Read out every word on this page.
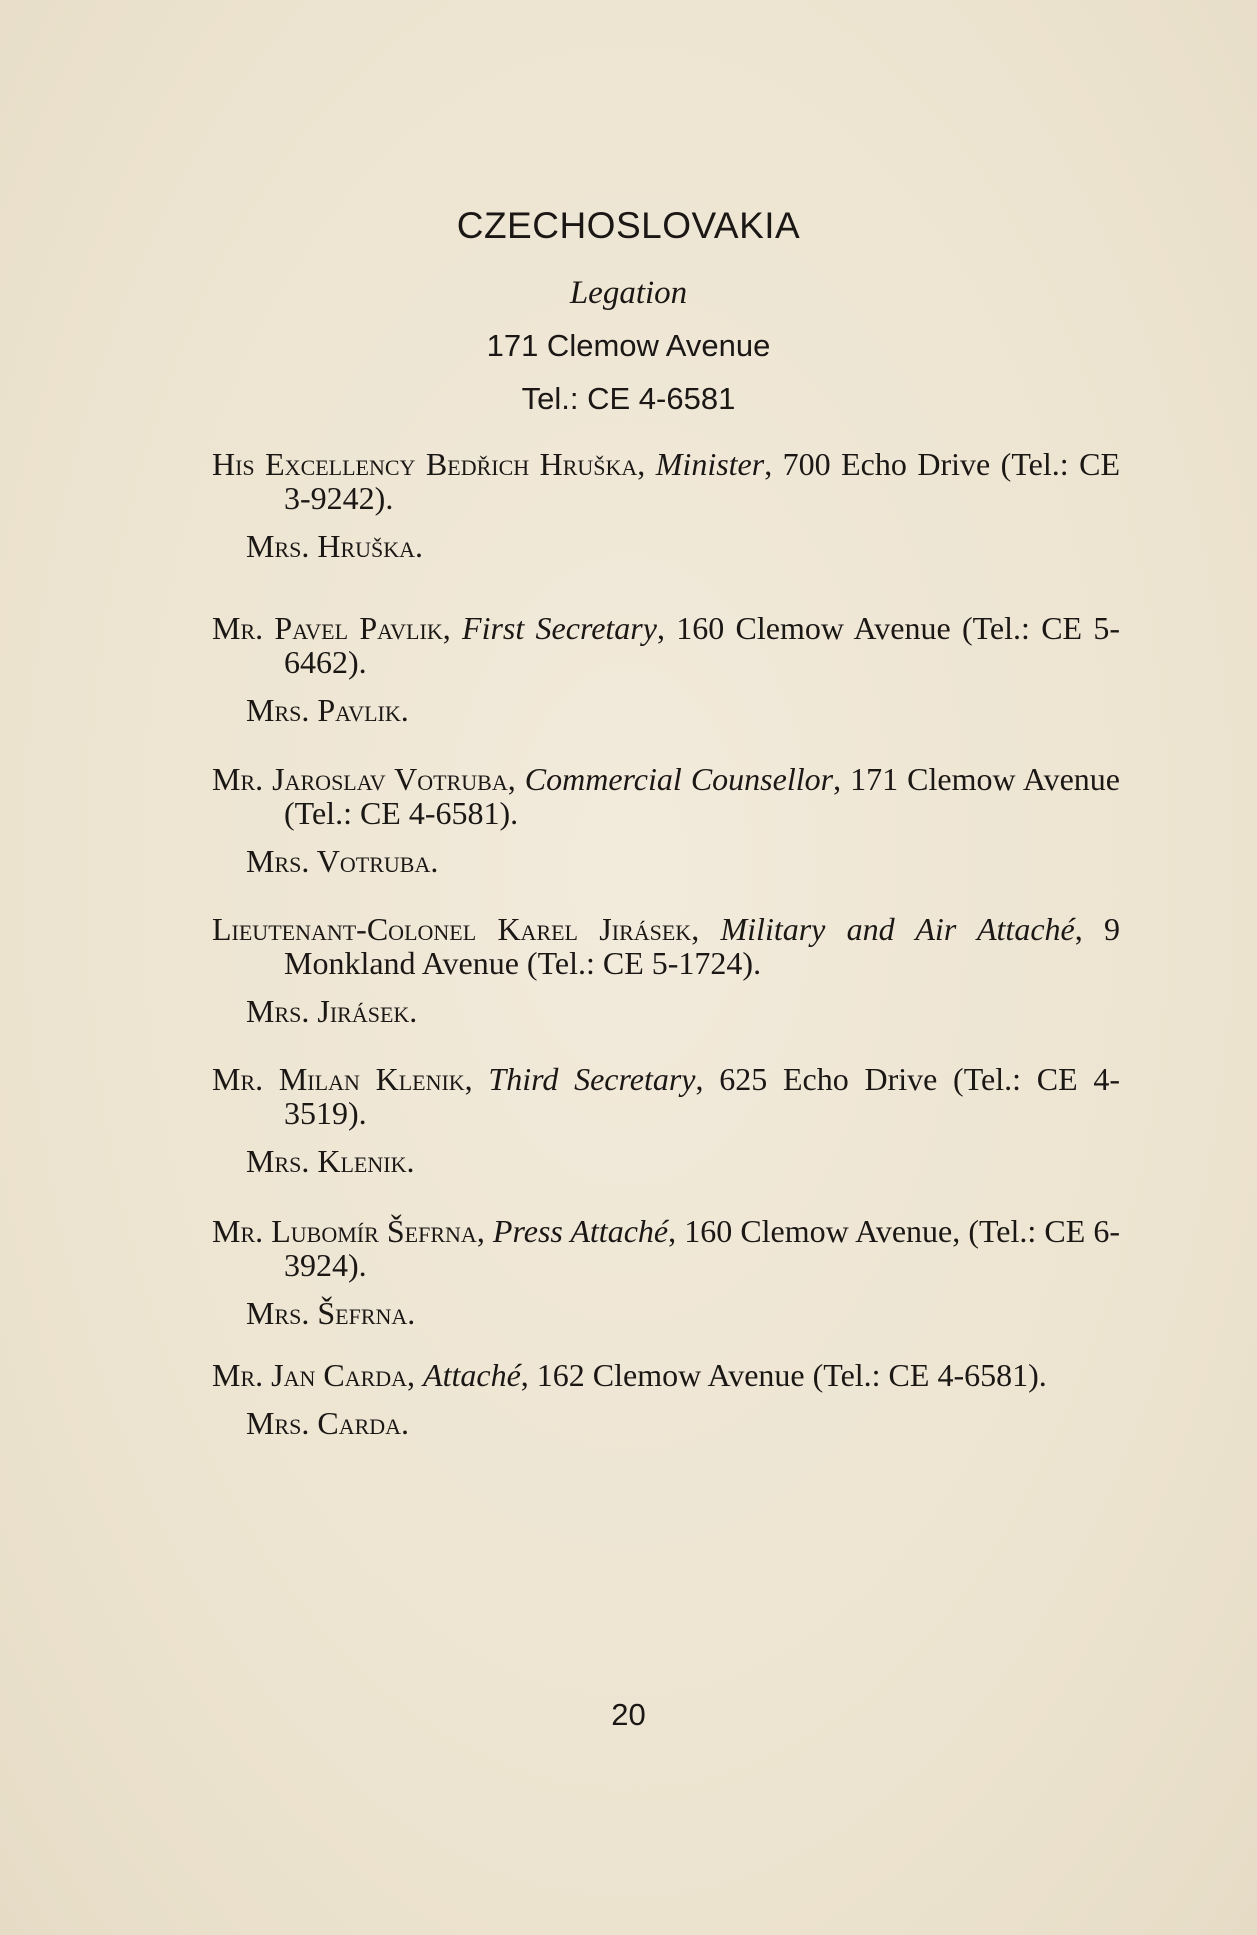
CZECHOSLOVAKIA
Legation
171 Clemow Avenue
Tel.: CE 4-6581
His Excellency Bedřich Hruška, Minister, 700 Echo Drive (Tel.: CE 3-9242).
Mrs. Hruška.
Mr. Pavel Pavlik, First Secretary, 160 Clemow Avenue (Tel.: CE 5-6462).
Mrs. Pavlik.
Mr. Jaroslav Votruba, Commercial Counsellor, 171 Clemow Avenue (Tel.: CE 4-6581).
Mrs. Votruba.
Lieutenant-Colonel Karel Jirásek, Military and Air Attaché, 9 Monkland Avenue (Tel.: CE 5-1724).
Mrs. Jirásek.
Mr. Milan Klenik, Third Secretary, 625 Echo Drive (Tel.: CE 4-3519).
Mrs. Klenik.
Mr. Lubomír Šefrna, Press Attaché, 160 Clemow Avenue, (Tel.: CE 6-3924).
Mrs. Šefrna.
Mr. Jan Carda, Attaché, 162 Clemow Avenue (Tel.: CE 4-6581).
Mrs. Carda.
20
